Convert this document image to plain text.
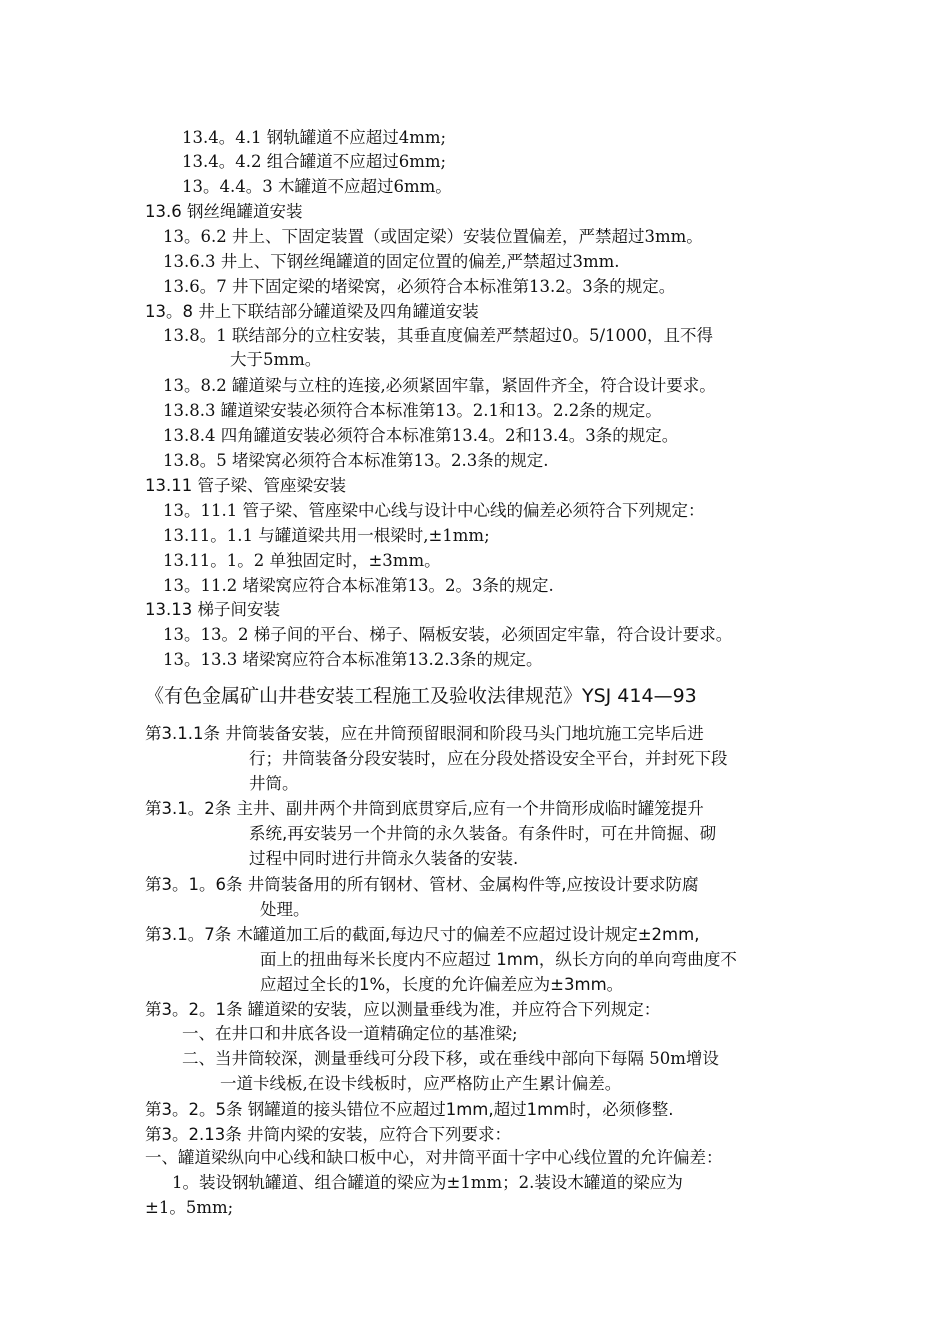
13.4。4.1 钢轨罐道不应超过4mm;
13.4。4.2 组合罐道不应超过6mm;
13。4.4。3 木罐道不应超过6mm。
13.6 钢丝绳罐道安装
13。6.2 井上、下固定装置（或固定梁）安装位置偏差，严禁超过3mm。
13.6.3 井上、下钢丝绳罐道的固定位置的偏差,严禁超过3mm.
13.6。7 井下固定梁的堵梁窝，必须符合本标准第13.2。3条的规定。
13。8 井上下联结部分罐道梁及四角罐道安装
13.8。1 联结部分的立柱安装，其垂直度偏差严禁超过0。5/1000，且不得
大于5mm。
13。8.2 罐道梁与立柱的连接,必须紧固牢靠，紧固件齐全，符合设计要求。
13.8.3 罐道梁安装必须符合本标准第13。2.1和13。2.2条的规定。
13.8.4 四角罐道安装必须符合本标准第13.4。2和13.4。3条的规定。
13.8。5 堵梁窝必须符合本标准第13。2.3条的规定.
13.11 管子梁、管座梁安装
13。11.1 管子梁、管座梁中心线与设计中心线的偏差必须符合下列规定：
13.11。1.1 与罐道梁共用一根梁时,±1mm;
13.11。1。2 单独固定时，±3mm。
13。11.2 堵梁窝应符合本标准第13。2。3条的规定.
13.13 梯子间安装
13。13。2 梯子间的平台、梯子、隔板安装，必须固定牢靠，符合设计要求。
13。13.3 堵梁窝应符合本标准第13.2.3条的规定。
《有色金属矿山井巷安装工程施工及验收法律规范》YSJ 414—93
第3.1.1条 井筒装备安装，应在井筒预留眼洞和阶段马头门地坑施工完毕后进
行；井筒装备分段安装时，应在分段处搭设安全平台，并封死下段
井筒。
第3.1。2条 主井、副井两个井筒到底贯穿后,应有一个井筒形成临时罐笼提升
系统,再安装另一个井筒的永久装备。有条件时，可在井筒掘、砌
过程中同时进行井筒永久装备的安装.
第3。1。6条 井筒装备用的所有钢材、管材、金属构件等,应按设计要求防腐
处理。
第3.1。7条 木罐道加工后的截面,每边尺寸的偏差不应超过设计规定±2mm,
面上的扭曲每米长度内不应超过 1mm，纵长方向的单向弯曲度不
应超过全长的1%，长度的允许偏差应为±3mm。
第3。2。1条 罐道梁的安装，应以测量垂线为准，并应符合下列规定：
一、在井口和井底各设一道精确定位的基准梁;
二、当井筒较深，测量垂线可分段下移，或在垂线中部向下每隔 50m增设
一道卡线板,在设卡线板时，应严格防止产生累计偏差。
第3。2。5条 钢罐道的接头错位不应超过1mm,超过1mm时，必须修整.
第3。2.13条 井筒内梁的安装，应符合下列要求：
一、罐道梁纵向中心线和缺口板中心，对井筒平面十字中心线位置的允许偏差：
1。装设钢轨罐道、组合罐道的梁应为±1mm；2.装设木罐道的梁应为
±1。5mm;
